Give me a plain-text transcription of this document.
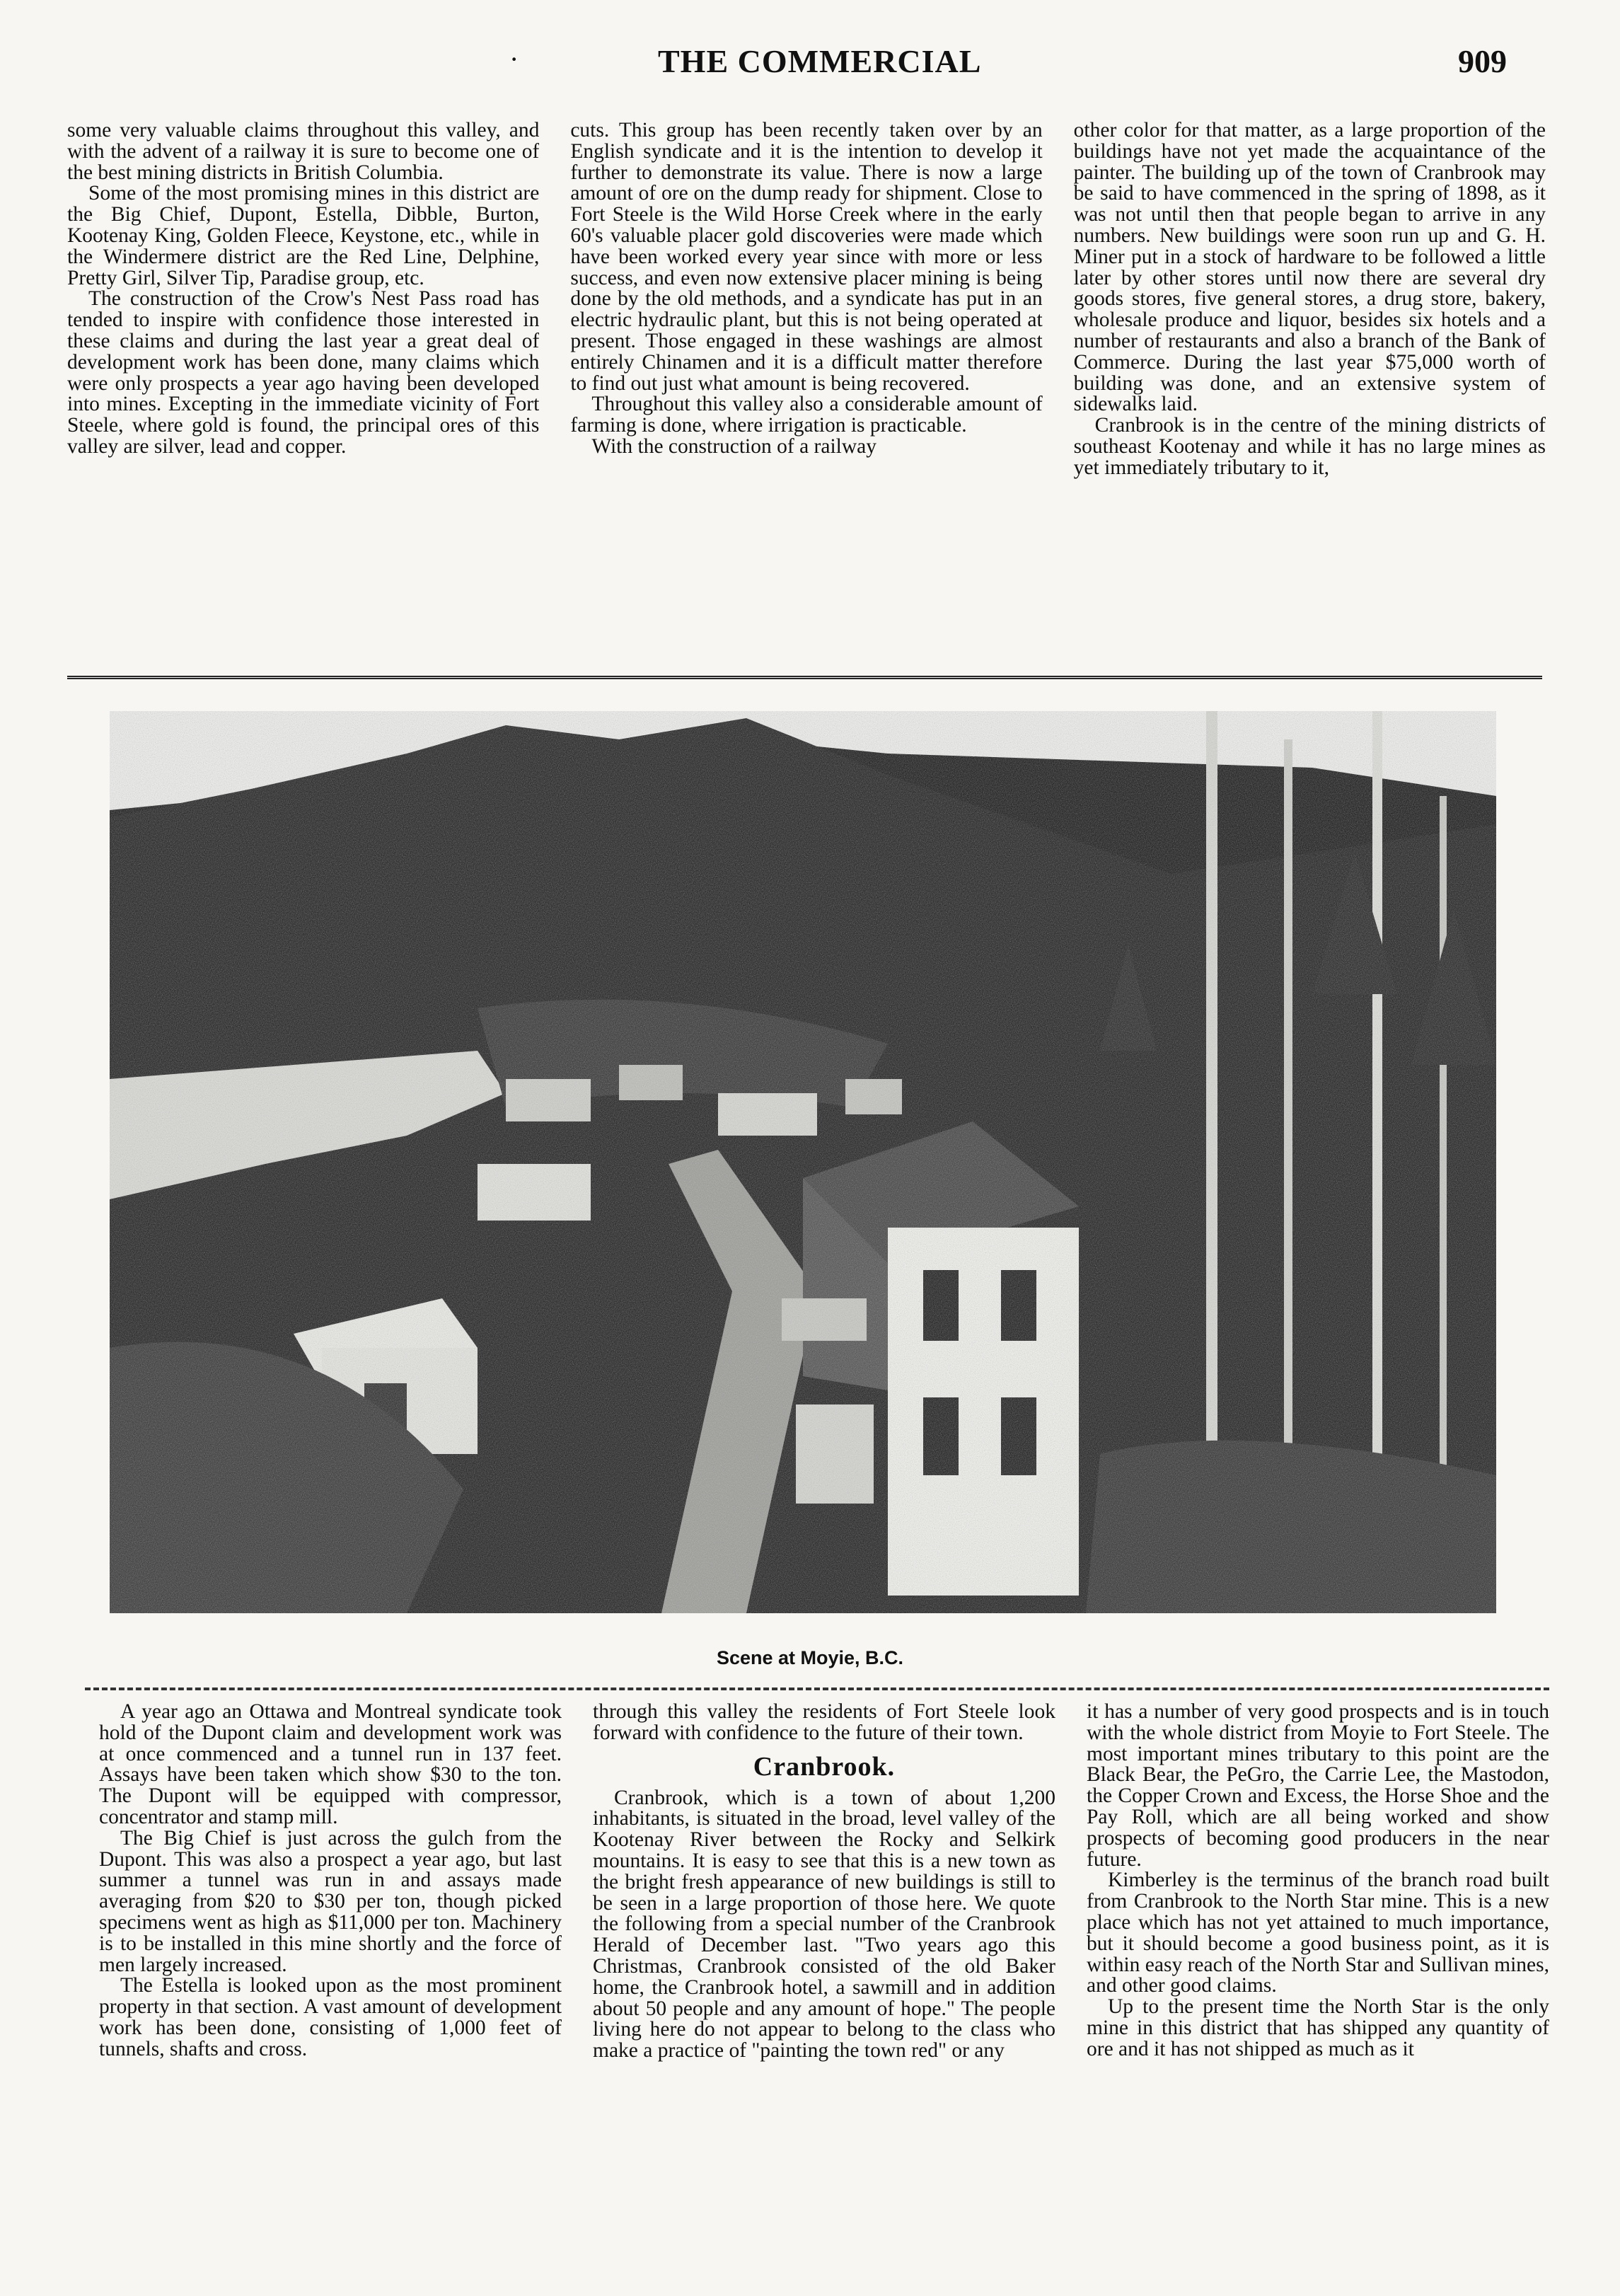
·	THE COMMERCIAL	909

some very valuable claims throughout this valley, and with the advent of a railway it is sure to become one of the best mining districts in British Columbia.

Some of the most promising mines in this district are the Big Chief, Dupont, Estella, Dibble, Burton, Kootenay King, Golden Fleece, Keystone, etc., while in the Windermere district are the Red Line, Delphine, Pretty Girl, Silver Tip, Paradise group, etc.

The construction of the Crow's Nest Pass road has tended to inspire with confidence those interested in these claims and during the last year a great deal of development work has been done, many claims which were only prospects a year ago having been developed into mines. Excepting in the immediate vicinity of Fort Steele, where gold is found, the principal ores of this valley are silver, lead and copper.

cuts. This group has been recently taken over by an English syndicate and it is the intention to develop it further to demonstrate its value. There is now a large amount of ore on the dump ready for shipment. Close to Fort Steele is the Wild Horse Creek where in the early 60's valuable placer gold discoveries were made which have been worked every year since with more or less success, and even now extensive placer mining is being done by the old methods, and a syndicate has put in an electric hydraulic plant, but this is not being operated at present. Those engaged in these washings are almost entirely Chinamen and it is a difficult matter therefore to find out just what amount is being recovered.

Throughout this valley also a considerable amount of farming is done, where irrigation is practicable.

With the construction of a railway

other color for that matter, as a large proportion of the buildings have not yet made the acquaintance of the painter. The building up of the town of Cranbrook may be said to have commenced in the spring of 1898, as it was not until then that people began to arrive in any numbers. New buildings were soon run up and G. H. Miner put in a stock of hardware to be followed a little later by other stores until now there are several dry goods stores, five general stores, a drug store, bakery, wholesale produce and liquor, besides six hotels and a number of restaurants and also a branch of the Bank of Commerce. During the last year $75,000 worth of building was done, and an extensive system of sidewalks laid.

Cranbrook is in the centre of the mining districts of southeast Kootenay and while it has no large mines as yet immediately tributary to it,

Scene at Moyie, B.C.

A year ago an Ottawa and Montreal syndicate took hold of the Dupont claim and development work was at once commenced and a tunnel run in 137 feet. Assays have been taken which show $30 to the ton. The Dupont will be equipped with compressor, concentrator and stamp mill.

The Big Chief is just across the gulch from the Dupont. This was also a prospect a year ago, but last summer a tunnel was run in and assays made averaging from $20 to $30 per ton, though picked specimens went as high as $11,000 per ton. Machinery is to be installed in this mine shortly and the force of men largely increased.

The Estella is looked upon as the most prominent property in that section. A vast amount of development work has been done, consisting of 1,000 feet of tunnels, shafts and cross.

through this valley the residents of Fort Steele look forward with confidence to the future of their town.

Cranbrook.

Cranbrook, which is a town of about 1,200 inhabitants, is situated in the broad, level valley of the Kootenay River between the Rocky and Selkirk mountains. It is easy to see that this is a new town as the bright fresh appearance of new buildings is still to be seen in a large proportion of those here. We quote the following from a special number of the Cranbrook Herald of December last. "Two years ago this Christmas, Cranbrook consisted of the old Baker home, the Cranbrook hotel, a sawmill and in addition about 50 people and any amount of hope." The people living here do not appear to belong to the class who make a practice of "painting the town red" or any

it has a number of very good prospects and is in touch with the whole district from Moyie to Fort Steele. The most important mines tributary to this point are the Black Bear, the PeGro, the Carrie Lee, the Mastodon, the Copper Crown and Excess, the Horse Shoe and the Pay Roll, which are all being worked and show prospects of becoming good producers in the near future.

Kimberley is the terminus of the branch road built from Cranbrook to the North Star mine. This is a new place which has not yet attained to much importance, but it should become a good business point, as it is within easy reach of the North Star and Sullivan mines, and other good claims.

Up to the present time the North Star is the only mine in this district that has shipped any quantity of ore and it has not shipped as much as it
